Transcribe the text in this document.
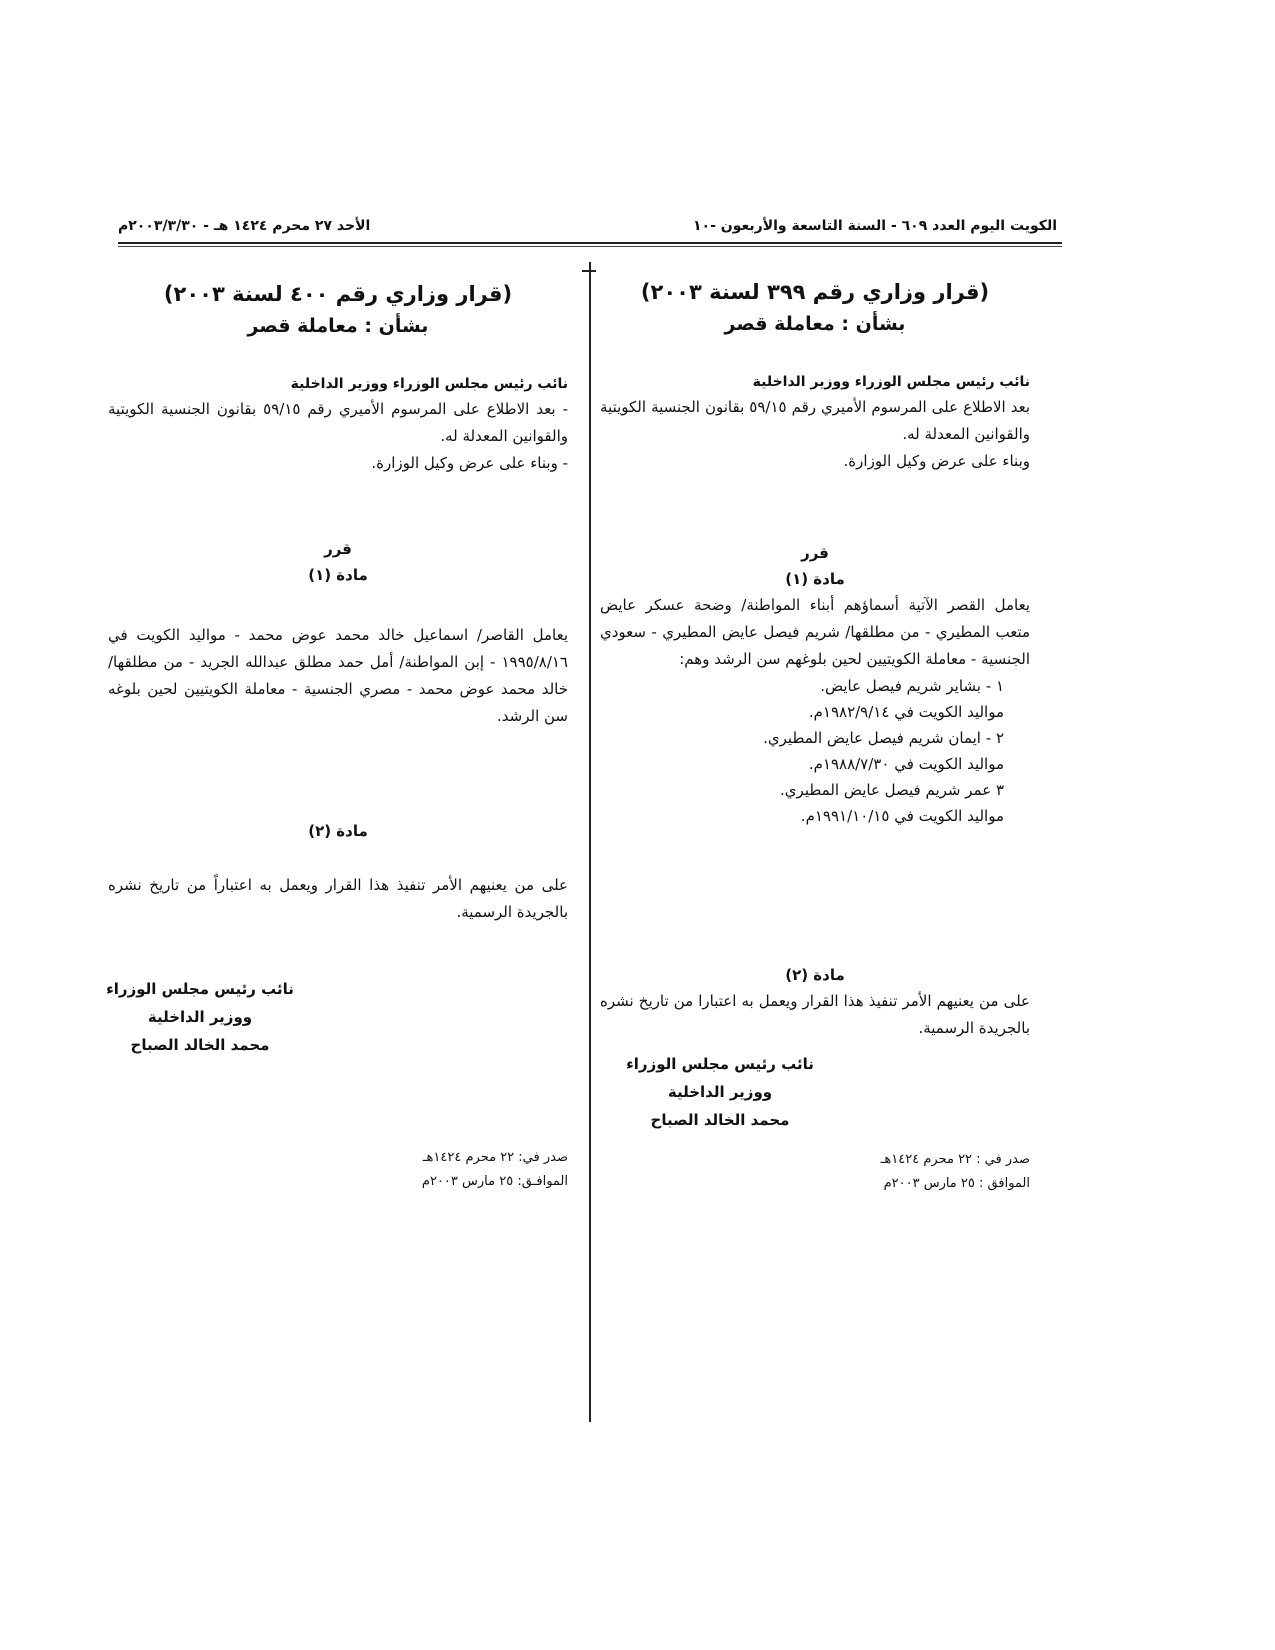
الكويت اليوم العدد ٦٠٩ - السنة التاسعة والأربعون -١٠
الأحد ٢٧ محرم ١٤٢٤ هـ - ٢٠٠٣/٣/٣٠م
(قرار وزاري رقم ٣٩٩ لسنة ٢٠٠٣)
بشأن : معاملة قصر
نائب رئيس مجلس الوزراء ووزير الداخلية
بعد الاطلاع على المرسوم الأميري رقم ٥٩/١٥ بقانون الجنسية الكويتية والقوانين المعدلة له.
وبناء على عرض وكيل الوزارة.
قرر
مادة (١)
يعامل القصر الآتية أسماؤهم أبناء المواطنة/ وضحة عسكر عايض متعب المطيري - من مطلقها/ شريم فيصل عايض المطيري - سعودي الجنسية - معاملة الكويتيين لحين بلوغهم سن الرشد وهم:
١ - بشاير شريم فيصل عايض.
مواليد الكويت في ١٩٨٢/٩/١٤م.
٢ - ايمان شريم فيصل عايض المطيري.
مواليد الكويت في ١٩٨٨/٧/٣٠م.
٣ عمر شريم فيصل عايض المطيري.
مواليد الكويت في ١٩٩١/١٠/١٥م.
مادة (٢)
على من يعنيهم الأمر تنفيذ هذا القرار ويعمل به اعتبارا من تاريخ نشره بالجريدة الرسمية.
نائب رئيس مجلس الوزراء
ووزير الداخلية
محمد الخالد الصباح
صدر في : ٢٢ محرم ١٤٢٤هـ
الموافق : ٢٥ مارس ٢٠٠٣م
(قرار وزاري رقم ٤٠٠ لسنة ٢٠٠٣)
بشأن : معاملة قصر
نائب رئيس مجلس الوزراء ووزير الداخلية
- بعد الاطلاع على المرسوم الأميري رقم ٥٩/١٥ بقانون الجنسية الكويتية والقوانين المعدلة له.
- وبناء على عرض وكيل الوزارة.
قرر
مادة (١)
يعامل القاصر/ اسماعيل خالد محمد عوض محمد - مواليد الكويت في ١٩٩٥/٨/١٦ - إبن المواطنة/ أمل حمد مطلق عبدالله الجريد - من مطلقها/ خالد محمد عوض محمد - مصري الجنسية - معاملة الكويتيين لحين بلوغه سن الرشد.
مادة (٢)
على من يعنيهم الأمر تنفيذ هذا القرار ويعمل به اعتباراً من تاريخ نشره بالجريدة الرسمية.
نائب رئيس مجلس الوزراء
ووزير الداخلية
محمد الخالد الصباح
صدر في: ٢٢ محرم ١٤٢٤هـ
الموافـق: ٢٥ مارس ٢٠٠٣م
